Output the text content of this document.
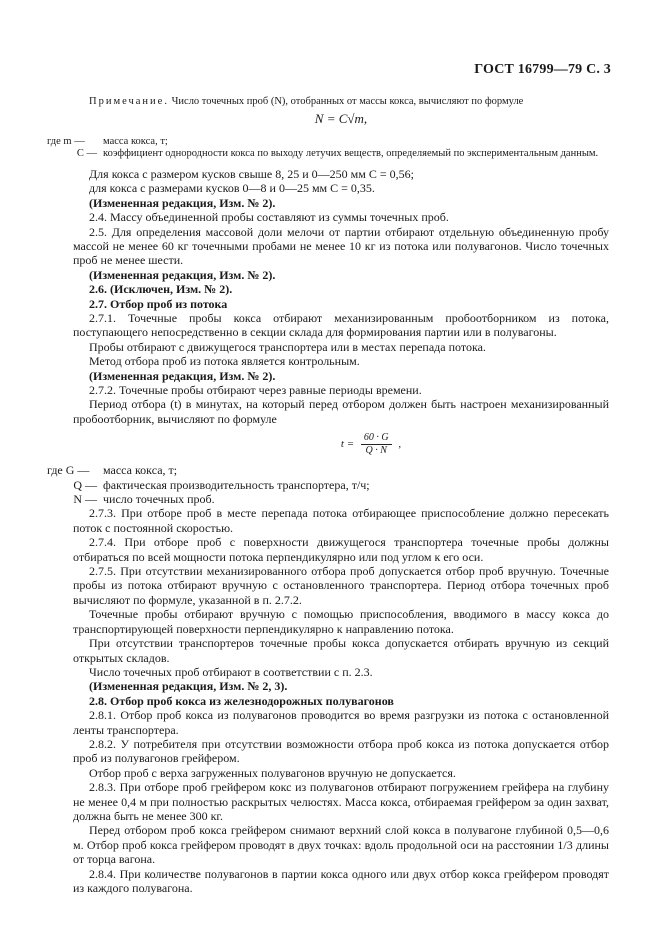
ГОСТ 16799—79 С. 3

Примечание. Число точечных проб (N), отобранных от массы кокса, вычисляют по формуле

N = C√m,
где m —	масса кокса, т;
C — коэффициент однородности кокса по выходу летучих веществ, определяемый по экспериментальным данным.

Для кокса с размером кусков свыше 8, 25 и 0—250 мм C = 0,56;

для кокса с размерами кусков 0—8 и 0—25 мм C = 0,35.

(Измененная редакция, Изм. № 2).

2.4. Массу объединенной пробы составляют из суммы точечных проб.

2.5. Для определения массовой доли мелочи от партии отбирают отдельную объединенную пробу массой не менее 60 кг точечными пробами не менее 10 кг из потока или полувагонов. Число точечных проб не менее шести.

(Измененная редакция, Изм. № 2).

2.6. (Исключен, Изм. № 2).

2.7. Отбор проб из потока

2.7.1. Точечные пробы кокса отбирают механизированным пробоотборником из потока, поступающего непосредственно в секции склада для формирования партии или в полувагоны.

Пробы отбирают с движущегося транспортера или в местах перепада потока.

Метод отбора проб из потока является контрольным.

(Измененная редакция, Изм. № 2).

2.7.2. Точечные пробы отбирают через равные периоды времени.

Период отбора (t) в минутах, на который перед отбором должен быть настроен механизированный пробоотборник, вычисляют по формуле

$t = \frac{60 \cdot G}{Q \cdot N}$ ,
где G —	масса кокса, т;
Q — фактическая производительность транспортера, т/ч;
N — число точечных проб.

2.7.3. При отборе проб в месте перепада потока отбирающее приспособление должно пересекать поток с постоянной скоростью.

2.7.4. При отборе проб с поверхности движущегося транспортера точечные пробы должны отбираться по всей мощности потока перпендикулярно или под углом к его оси.

2.7.5. При отсутствии механизированного отбора проб допускается отбор проб вручную. Точечные пробы из потока отбирают вручную с остановленного транспортера. Период отбора точечных проб вычисляют по формуле, указанной в п. 2.7.2.

Точечные пробы отбирают вручную с помощью приспособления, вводимого в массу кокса до транспортирующей поверхности перпендикулярно к направлению потока.

При отсутствии транспортеров точечные пробы кокса допускается отбирать вручную из секций открытых складов.

Число точечных проб отбирают в соответствии с п. 2.3.

(Измененная редакция, Изм. № 2, 3).

2.8. Отбор проб кокса из железнодорожных полувагонов

2.8.1. Отбор проб кокса из полувагонов проводится во время разгрузки из потока с остановленной ленты транспортера.

2.8.2. У потребителя при отсутствии возможности отбора проб кокса из потока допускается отбор проб из полувагонов грейфером.

Отбор проб с верха загруженных полувагонов вручную не допускается.

2.8.3. При отборе проб грейфером кокс из полувагонов отбирают погружением грейфера на глубину не менее 0,4 м при полностью раскрытых челюстях. Масса кокса, отбираемая грейфером за один захват, должна быть не менее 300 кг.

Перед отбором проб кокса грейфером снимают верхний слой кокса в полувагоне глубиной 0,5—0,6 м. Отбор проб кокса грейфером проводят в двух точках: вдоль продольной оси на расстоянии 1/3 длины от торца вагона.

2.8.4. При количестве полувагонов в партии кокса одного или двух отбор кокса грейфером проводят из каждого полувагона.
